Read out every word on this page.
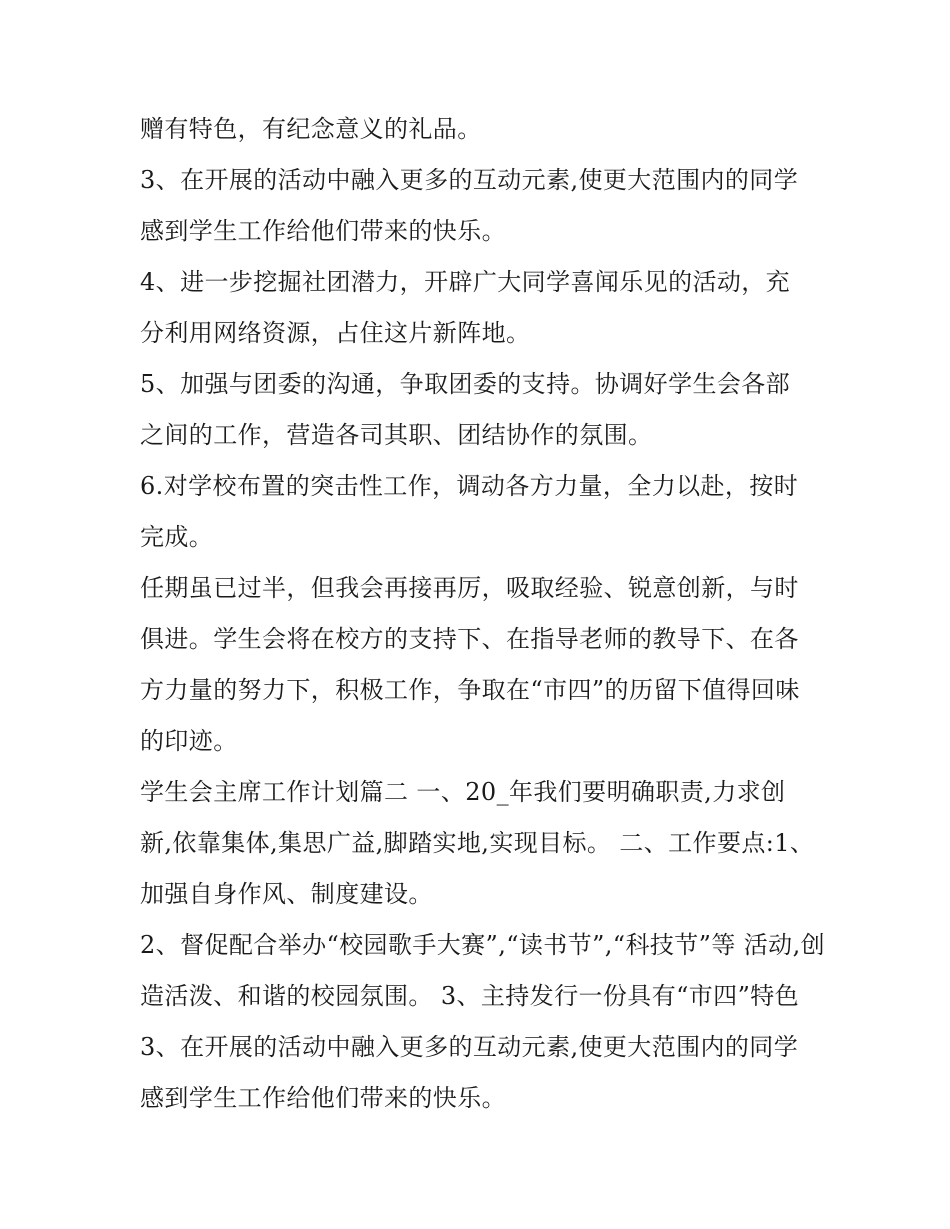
赠有特色，有纪念意义的礼品。
3、在开展的活动中融入更多的互动元素,使更大范围内的同学
感到学生工作给他们带来的快乐。
4、进一步挖掘社团潜力，开辟广大同学喜闻乐见的活动，充
分利用网络资源，占住这片新阵地。
5、加强与团委的沟通，争取团委的支持。协调好学生会各部
之间的工作，营造各司其职、团结协作的氛围。
6.对学校布置的突击性工作，调动各方力量，全力以赴，按时
完成。
任期虽已过半，但我会再接再厉，吸取经验、锐意创新，与时
俱进。学生会将在校方的支持下、在指导老师的教导下、在各
方力量的努力下，积极工作，争取在“市四”的历留下值得回味
的印迹。
学生会主席工作计划篇二 一、20_年我们要明确职责,力求创
新,依靠集体,集思广益,脚踏实地,实现目标。 二、工作要点:1、
加强自身作风、制度建设。
2、督促配合举办“校园歌手大赛”,“读书节”,“科技节”等 活动,创
造活泼、和谐的校园氛围。 3、主持发行一份具有“市四”特色
3、在开展的活动中融入更多的互动元素,使更大范围内的同学
感到学生工作给他们带来的快乐。
